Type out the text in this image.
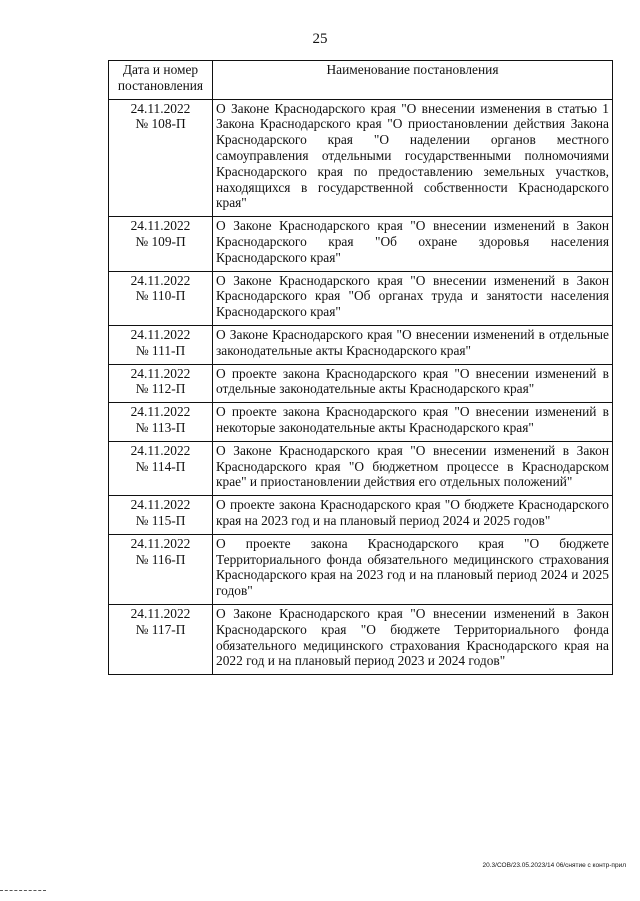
25
Дата и номер постановления	Наименование постановления

24.11.2022
№ 108-П	О Законе Краснодарского края "О внесении изменения в статью 1 Закона Краснодарского края "О приостановлении действия Закона Краснодарского края "О наделении органов местного самоуправления отдельными государственными полномочиями Краснодарского края по предоставлению земельных участков, находящихся в государственной собственности Краснодарского края"

24.11.2022
№ 109-П	О Законе Краснодарского края "О внесении изменений в Закон Краснодарского края "Об охране здоровья населения Краснодарского края"

24.11.2022
№ 110-П	О Законе Краснодарского края "О внесении изменений в Закон Краснодарского края "Об органах труда и занятости населения Краснодарского края"

24.11.2022
№ 111-П	О Законе Краснодарского края "О внесении изменений в отдельные законодательные акты Краснодарского края"

24.11.2022
№ 112-П	О проекте закона Краснодарского края "О внесении изменений в отдельные законодательные акты Краснодарского края"

24.11.2022
№ 113-П	О проекте закона Краснодарского края "О внесении изменений в некоторые законодательные акты Краснодарского края"

24.11.2022
№ 114-П	О Законе Краснодарского края "О внесении изменений в Закон Краснодарского края "О бюджетном процессе в Краснодарском крае" и приостановлении действия его отдельных положений"

24.11.2022
№ 115-П	О проекте закона Краснодарского края "О бюджете Краснодарского края на 2023 год и на плановый период 2024 и 2025 годов"

24.11.2022
№ 116-П	О проекте закона Краснодарского края "О бюджете Территориального фонда обязательного медицинского страхования Краснодарского края на 2023 год и на плановый период 2024 и 2025 годов"

24.11.2022
№ 117-П	О Законе Краснодарского края "О внесении изменений в Закон Краснодарского края "О бюджете Территориального фонда обязательного медицинского страхования Краснодарского края на 2022 год и на плановый период 2023 и 2024 годов"
20.3/СОВ/23.05.2023/14 06/снятие с контр-прил
